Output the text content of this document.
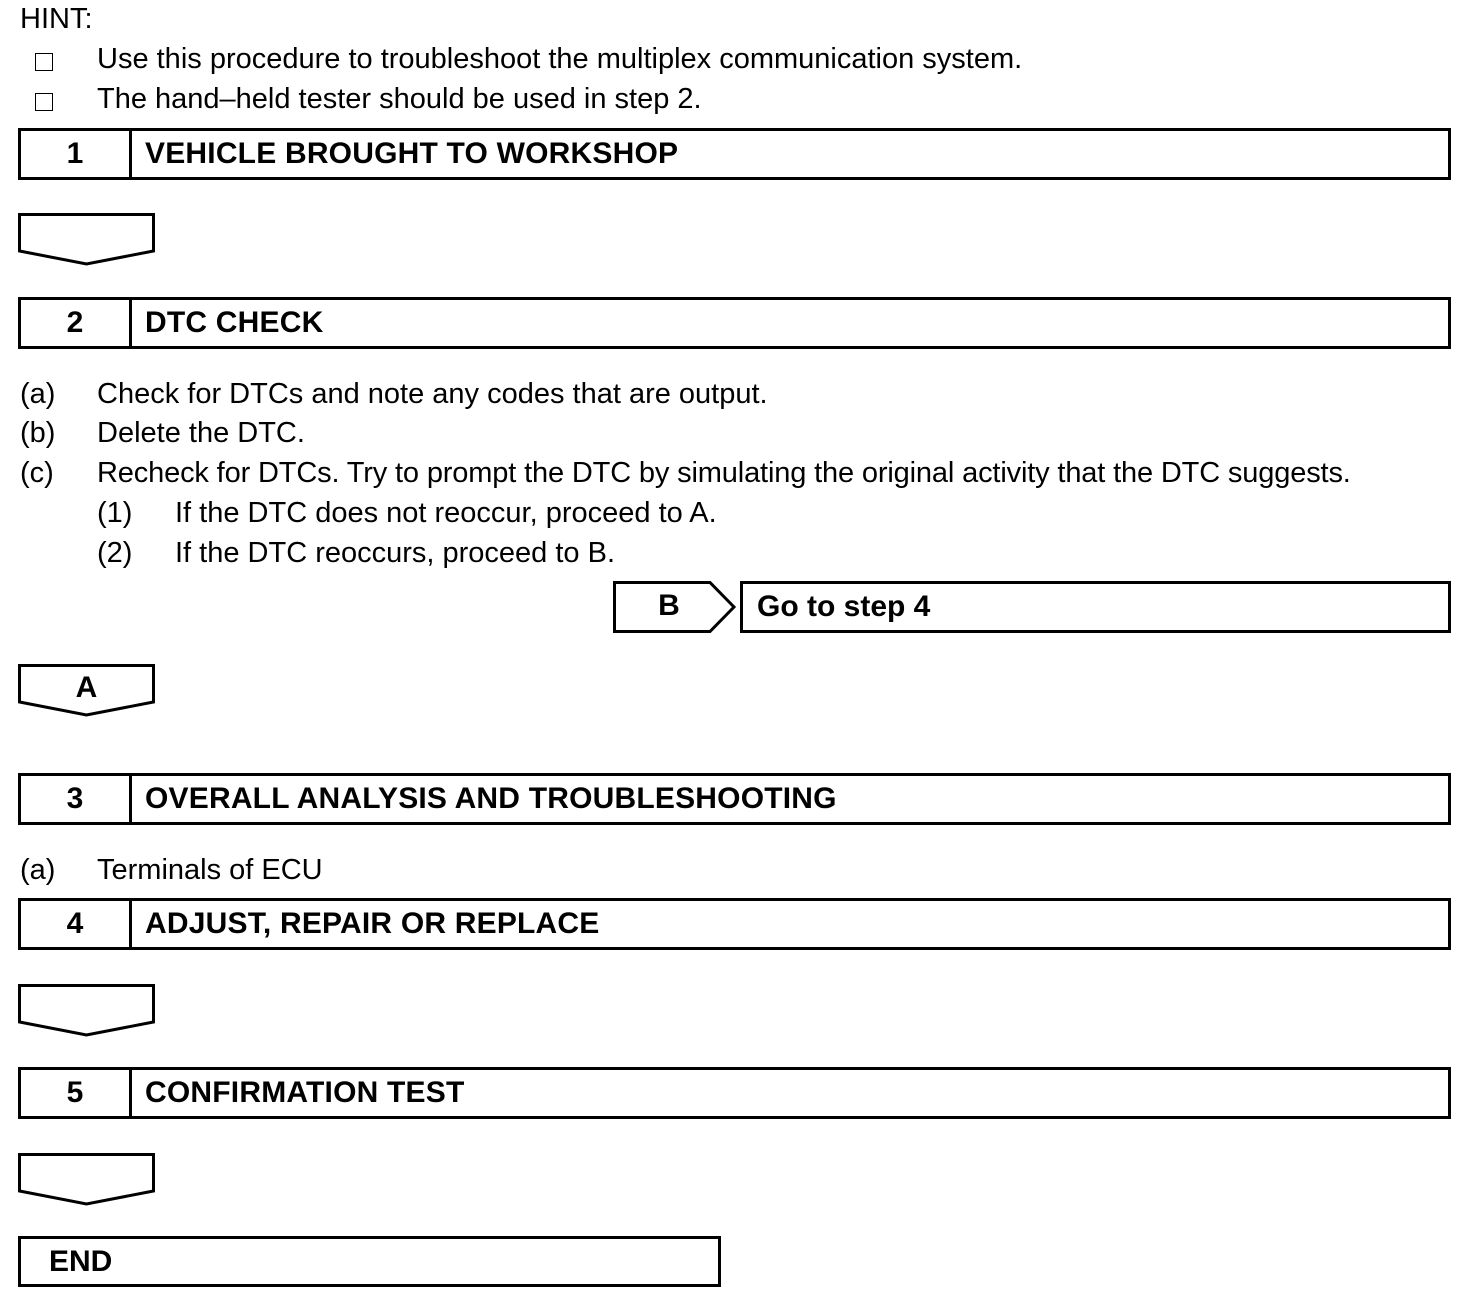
HINT:
Use this procedure to troubleshoot the multiplex communication system.
The hand–held tester should be used in step 2.
1	VEHICLE BROUGHT TO WORKSHOP
2	DTC CHECK
(a) Check for DTCs and note any codes that are output.
(b) Delete the DTC.
(c) Recheck for DTCs. Try to prompt the DTC by simulating the original activity that the DTC suggests.
(1) If the DTC does not reoccur, proceed to A.
(2) If the DTC reoccurs, proceed to B.
B	Go to step 4
A
3	OVERALL ANALYSIS AND TROUBLESHOOTING
(a) Terminals of ECU
4	ADJUST, REPAIR OR REPLACE
5	CONFIRMATION TEST
END
